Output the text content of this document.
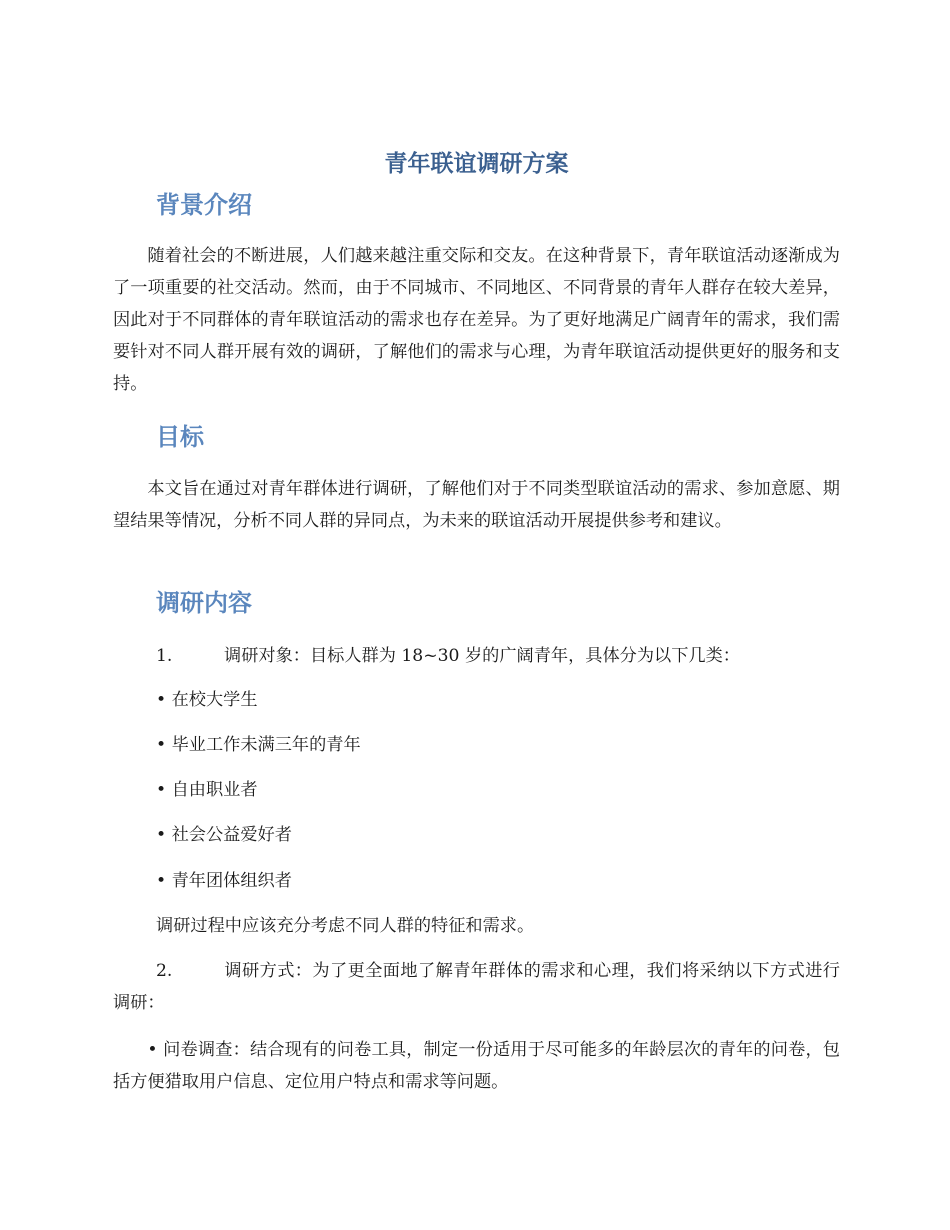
青年联谊调研方案
背景介绍

随着社会的不断进展，人们越来越注重交际和交友。在这种背景下，青年联谊活动逐渐成为了一项重要的社交活动。然而，由于不同城市、不同地区、不同背景的青年人群存在较大差异，因此对于不同群体的青年联谊活动的需求也存在差异。为了更好地满足广阔青年的需求，我们需要针对不同人群开展有效的调研，了解他们的需求与心理，为青年联谊活动提供更好的服务和支持。

目标

本文旨在通过对青年群体进行调研，了解他们对于不同类型联谊活动的需求、参加意愿、期望结果等情况，分析不同人群的异同点，为未来的联谊活动开展提供参考和建议。

调研内容

1.	调研对象：目标人群为 18~30 岁的广阔青年，具体分为以下几类：

• 在校大学生

• 毕业工作未满三年的青年

• 自由职业者

• 社会公益爱好者

• 青年团体组织者

调研过程中应该充分考虑不同人群的特征和需求。

2.	调研方式：为了更全面地了解青年群体的需求和心理，我们将采纳以下方式进行调研：

• 问卷调查：结合现有的问卷工具，制定一份适用于尽可能多的年龄层次的青年的问卷，包括方便猎取用户信息、定位用户特点和需求等问题。
